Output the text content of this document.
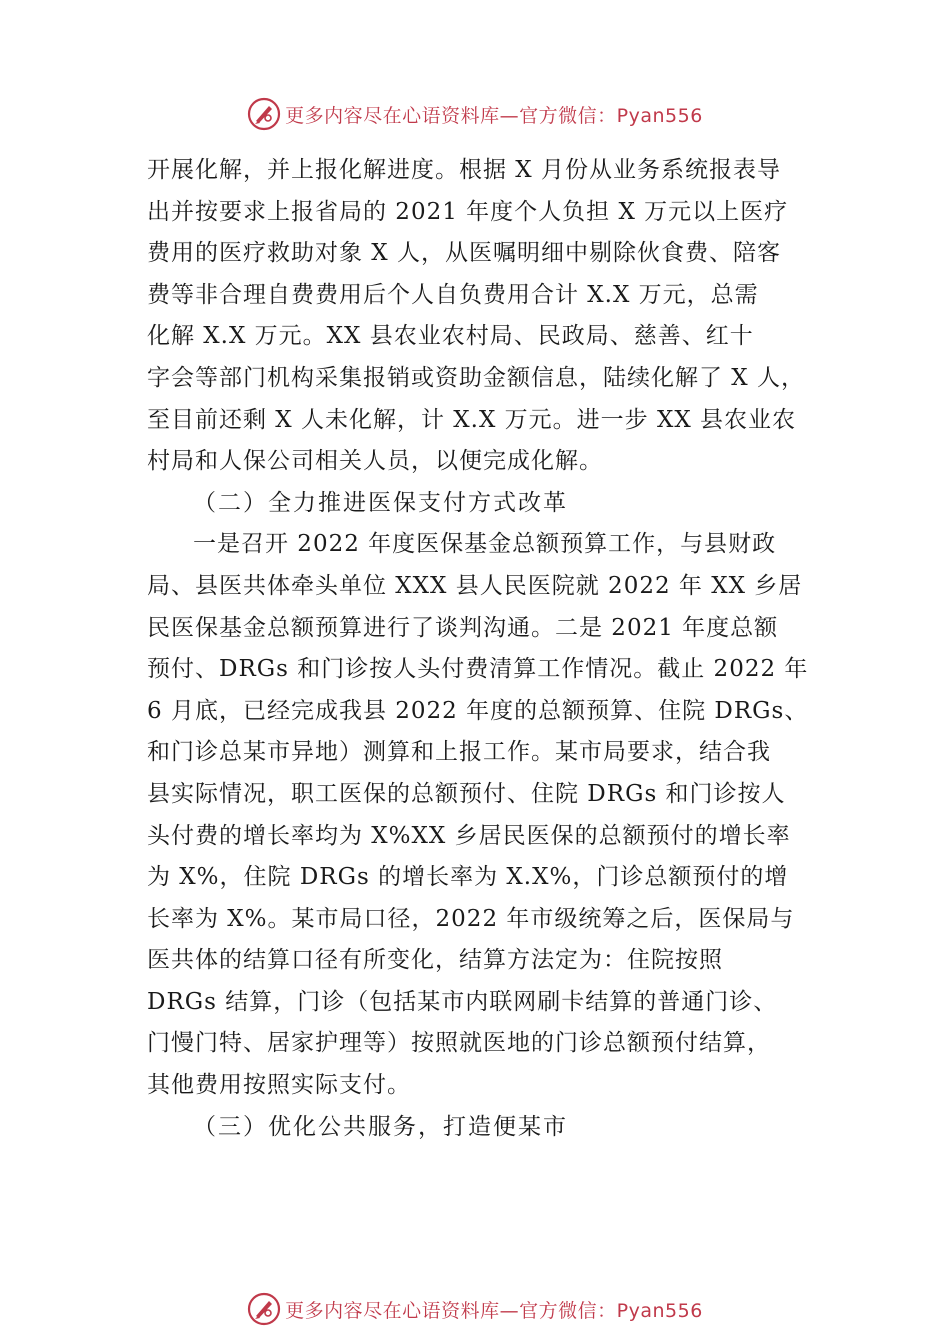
更多内容尽在心语资料库—官方微信：Pyan556
开展化解，并上报化解进度。根据 X 月份从业务系统报表导
出并按要求上报省局的 2021 年度个人负担 X 万元以上医疗
费用的医疗救助对象 X 人，从医嘱明细中剔除伙食费、陪客
费等非合理自费费用后个人自负费用合计 X.X 万元，总需
化解 X.X 万元。XX 县农业农村局、民政局、慈善、红十
字会等部门机构采集报销或资助金额信息，陆续化解了 X 人，
至目前还剩 X 人未化解，计 X.X 万元。进一步 XX 县农业农
村局和人保公司相关人员，以便完成化解。
（二）全力推进医保支付方式改革
一是召开 2022 年度医保基金总额预算工作，与县财政
局、县医共体牵头单位 XXX 县人民医院就 2022 年 XX 乡居
民医保基金总额预算进行了谈判沟通。二是 2021 年度总额
预付、DRGs 和门诊按人头付费清算工作情况。截止 2022 年
6 月底，已经完成我县 2022 年度的总额预算、住院 DRGs、
和门诊总某市异地）测算和上报工作。某市局要求，结合我
县实际情况，职工医保的总额预付、住院 DRGs 和门诊按人
头付费的增长率均为 X%XX 乡居民医保的总额预付的增长率
为 X%，住院 DRGs 的增长率为 X.X%，门诊总额预付的增
长率为 X%。某市局口径，2022 年市级统筹之后，医保局与
医共体的结算口径有所变化，结算方法定为：住院按照
DRGs 结算，门诊（包括某市内联网刷卡结算的普通门诊、
门慢门特、居家护理等）按照就医地的门诊总额预付结算，
其他费用按照实际支付。
（三）优化公共服务，打造便某市
更多内容尽在心语资料库—官方微信：Pyan556
